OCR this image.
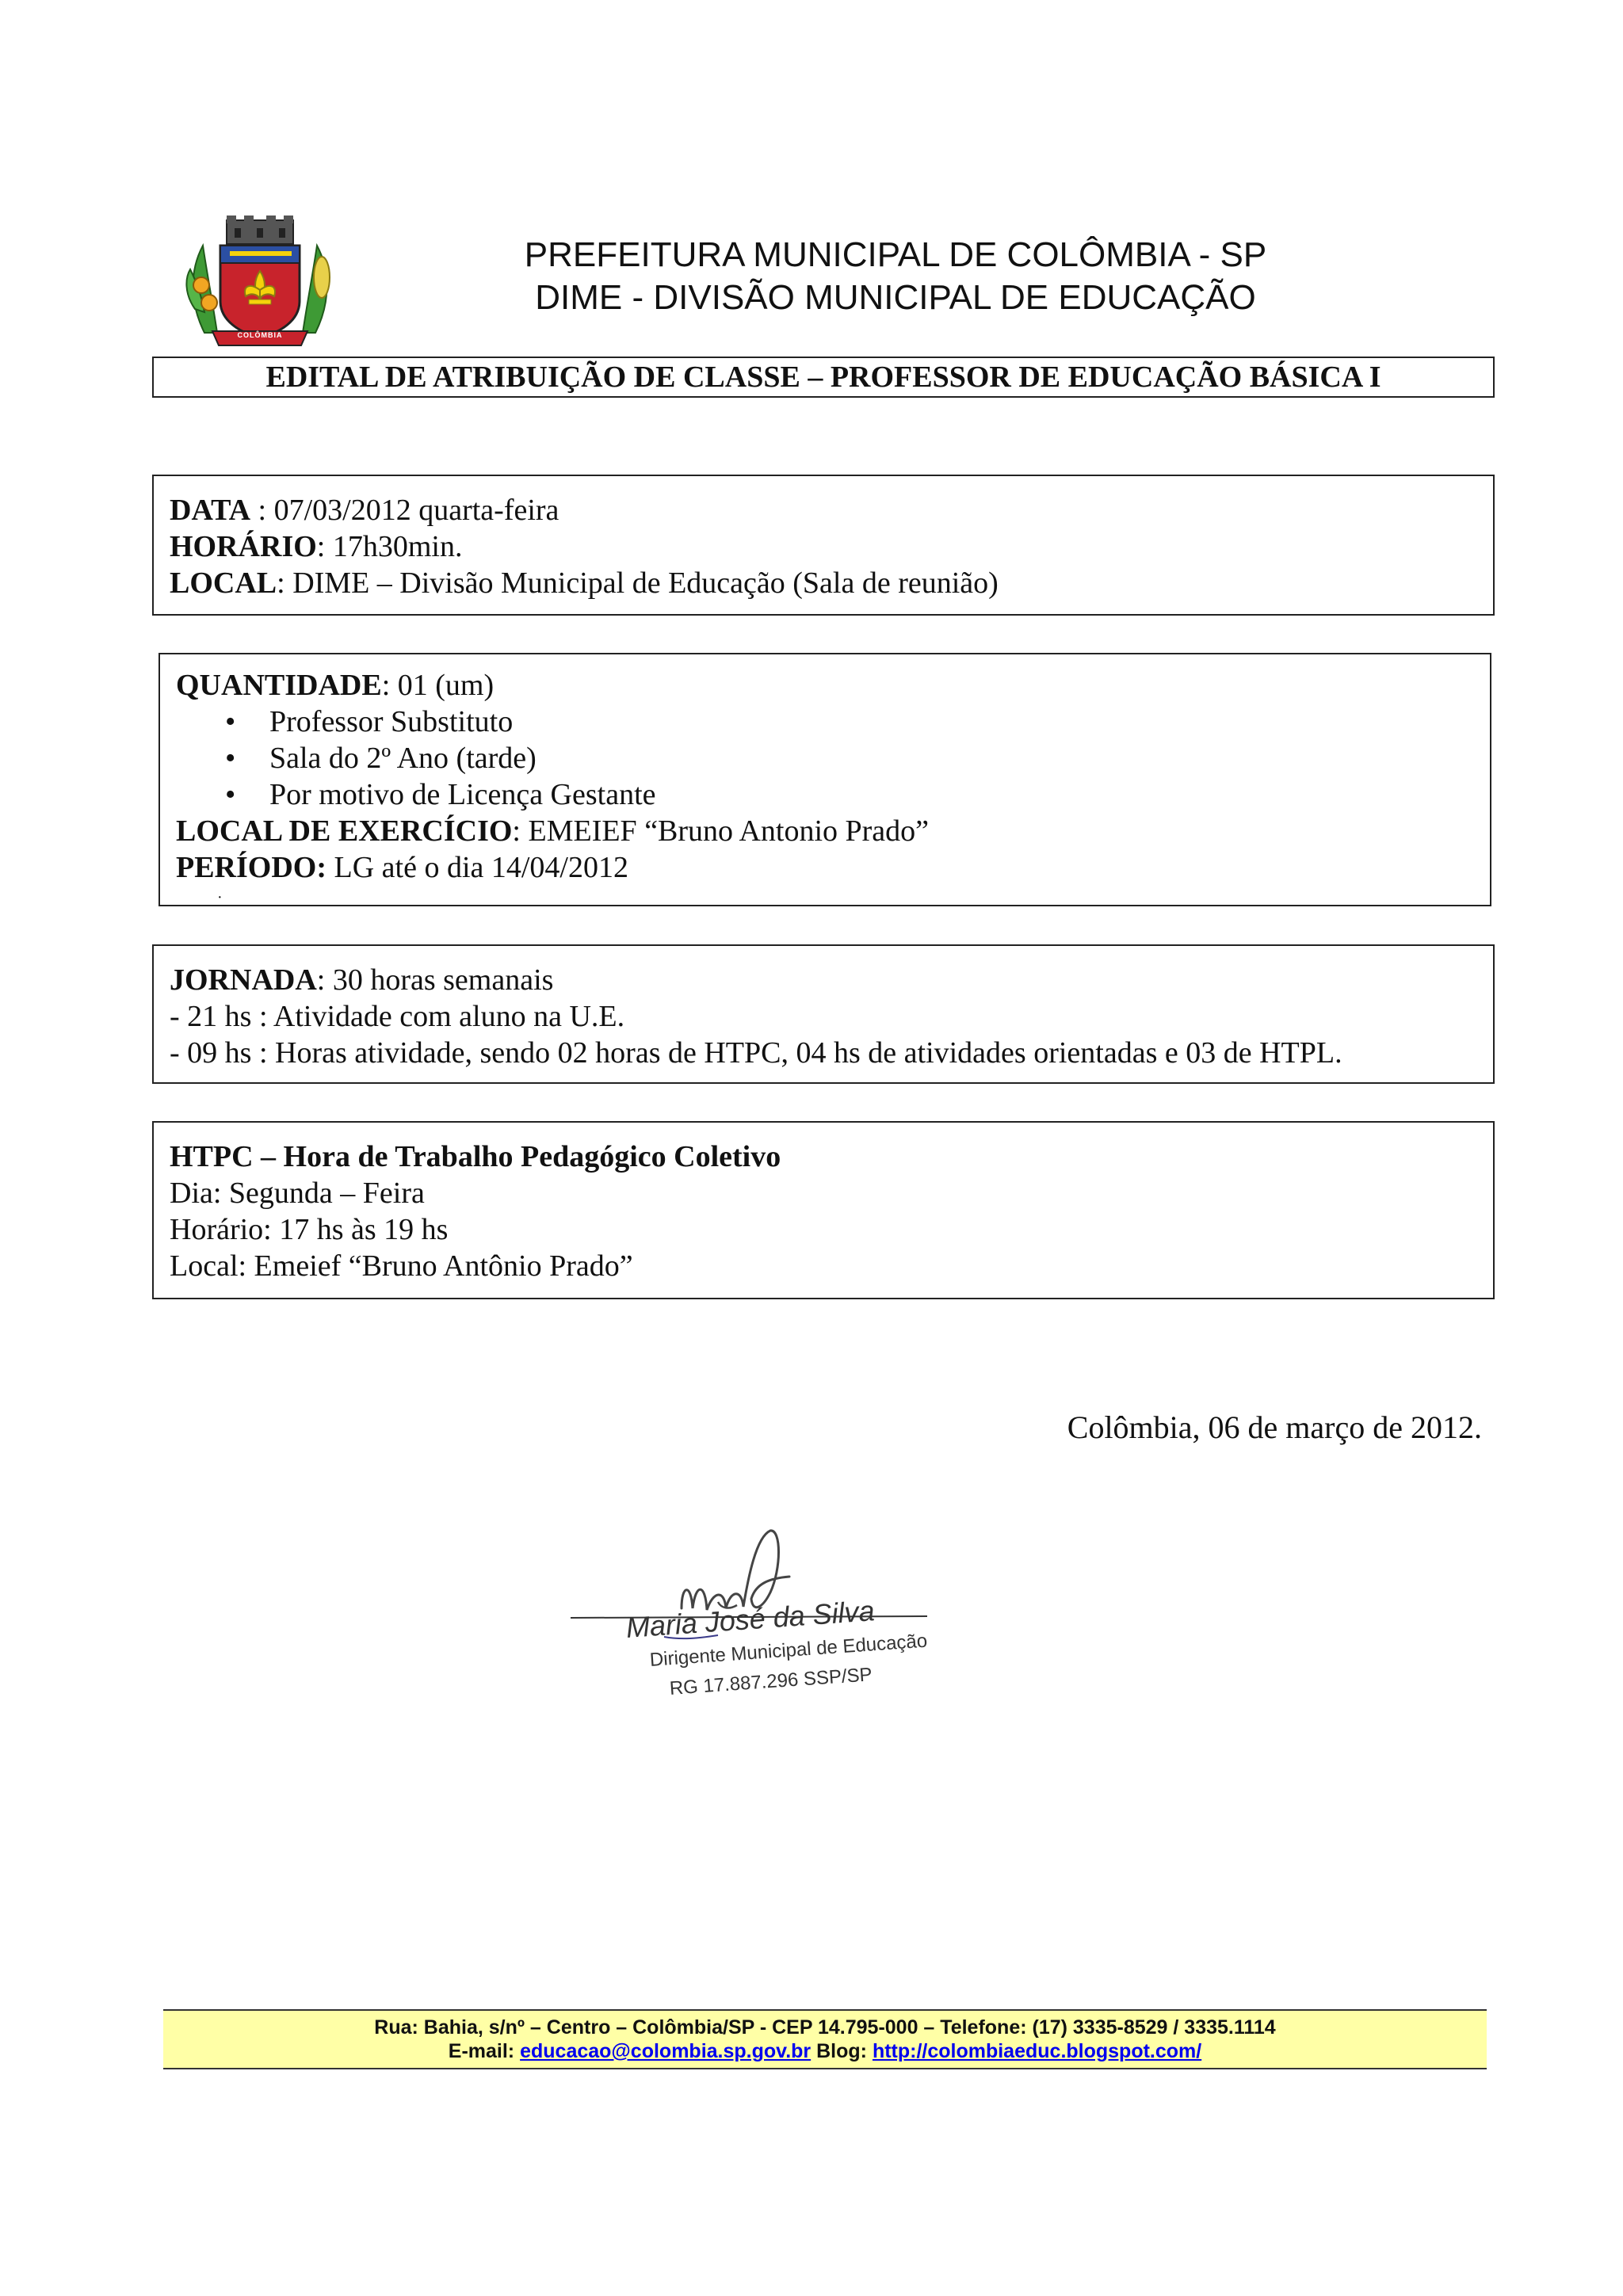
COLÔMBIA
PREFEITURA MUNICIPAL DE COLÔMBIA - SP
DIME - DIVISÃO MUNICIPAL DE EDUCAÇÃO
EDITAL DE ATRIBUIÇÃO DE CLASSE – PROFESSOR DE EDUCAÇÃO BÁSICA I
DATA : 07/03/2012 quarta-feira
HORÁRIO: 17h30min.
LOCAL: DIME – Divisão Municipal de Educação (Sala de reunião)
QUANTIDADE: 01 (um)
• Professor Substituto
• Sala do 2º Ano (tarde)
• Por motivo de Licença Gestante
LOCAL DE EXERCÍCIO: EMEIEF “Bruno Antonio Prado”
PERÍODO: LG até o dia 14/04/2012
·
JORNADA: 30 horas semanais
- 21 hs : Atividade com aluno na U.E.
- 09 hs : Horas atividade, sendo 02 horas de HTPC, 04 hs de atividades orientadas e 03 de HTPL.
HTPC – Hora de Trabalho Pedagógico Coletivo
Dia: Segunda – Feira
Horário: 17 hs às 19 hs
Local: Emeief “Bruno Antônio Prado”
Colômbia, 06 de março de 2012.
Maria José da Silva
Dirigente Municipal de Educação
RG 17.887.296 SSP/SP
Rua: Bahia, s/nº – Centro – Colômbia/SP - CEP 14.795-000 – Telefone: (17) 3335-8529 / 3335.1114
E-mail: educacao@colombia.sp.gov.br Blog: http://colombiaeduc.blogspot.com/
